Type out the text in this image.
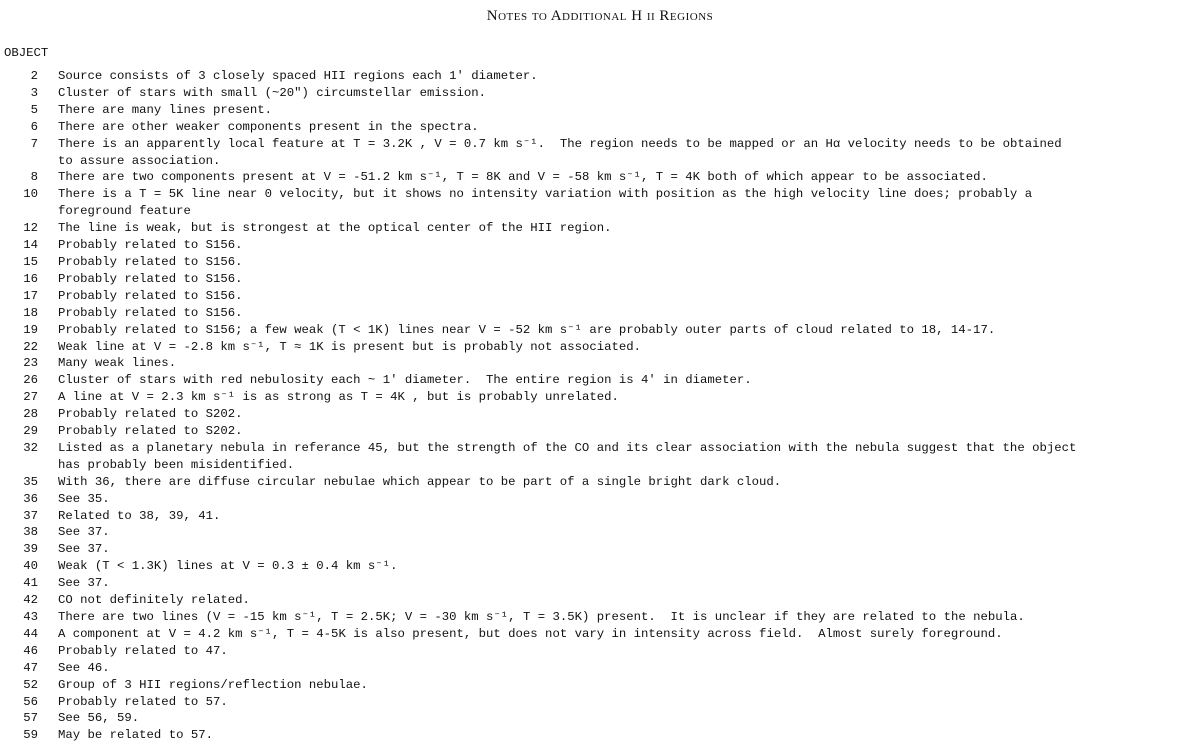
Notes to Additional H ii Regions
OBJECT
2	Source consists of 3 closely spaced HII regions each 1' diameter.
3	Cluster of stars with small (~20") circumstellar emission.
5	There are many lines present.
6	There are other weaker components present in the spectra.
7	There is an apparently local feature at T = 3.2K , V = 0.7 km s⁻¹.  The region needs to be mapped or an Hα velocity needs to be obtained
to assure association.
8	There are two components present at V = -51.2 km s⁻¹, T = 8K and V = -58 km s⁻¹, T = 4K both of which appear to be associated.
10	There is a T = 5K line near 0 velocity, but it shows no intensity variation with position as the high velocity line does; probably a
foreground feature
12	The line is weak, but is strongest at the optical center of the HII region.
14	Probably related to S156.
15	Probably related to S156.
16	Probably related to S156.
17	Probably related to S156.
18	Probably related to S156.
19	Probably related to S156; a few weak (T < 1K) lines near V = -52 km s⁻¹ are probably outer parts of cloud related to 18, 14-17.
22	Weak line at V = -2.8 km s⁻¹, T ≈ 1K is present but is probably not associated.
23	Many weak lines.
26	Cluster of stars with red nebulosity each ~ 1' diameter.  The entire region is 4' in diameter.
27	A line at V = 2.3 km s⁻¹ is as strong as T = 4K , but is probably unrelated.
28	Probably related to S202.
29	Probably related to S202.
32	Listed as a planetary nebula in referance 45, but the strength of the CO and its clear association with the nebula suggest that the object
has probably been misidentified.
35	With 36, there are diffuse circular nebulae which appear to be part of a single bright dark cloud.
36	See 35.
37	Related to 38, 39, 41.
38	See 37.
39	See 37.
40	Weak (T < 1.3K) lines at V = 0.3 ± 0.4 km s⁻¹.
41	See 37.
42	CO not definitely related.
43	There are two lines (V = -15 km s⁻¹, T = 2.5K; V = -30 km s⁻¹, T = 3.5K) present.  It is unclear if they are related to the nebula.
44	A component at V = 4.2 km s⁻¹, T = 4-5K is also present, but does not vary in intensity across field.  Almost surely foreground.
46	Probably related to 47.
47	See 46.
52	Group of 3 HII regions/reflection nebulae.
56	Probably related to 57.
57	See 56, 59.
59	May be related to 57.
